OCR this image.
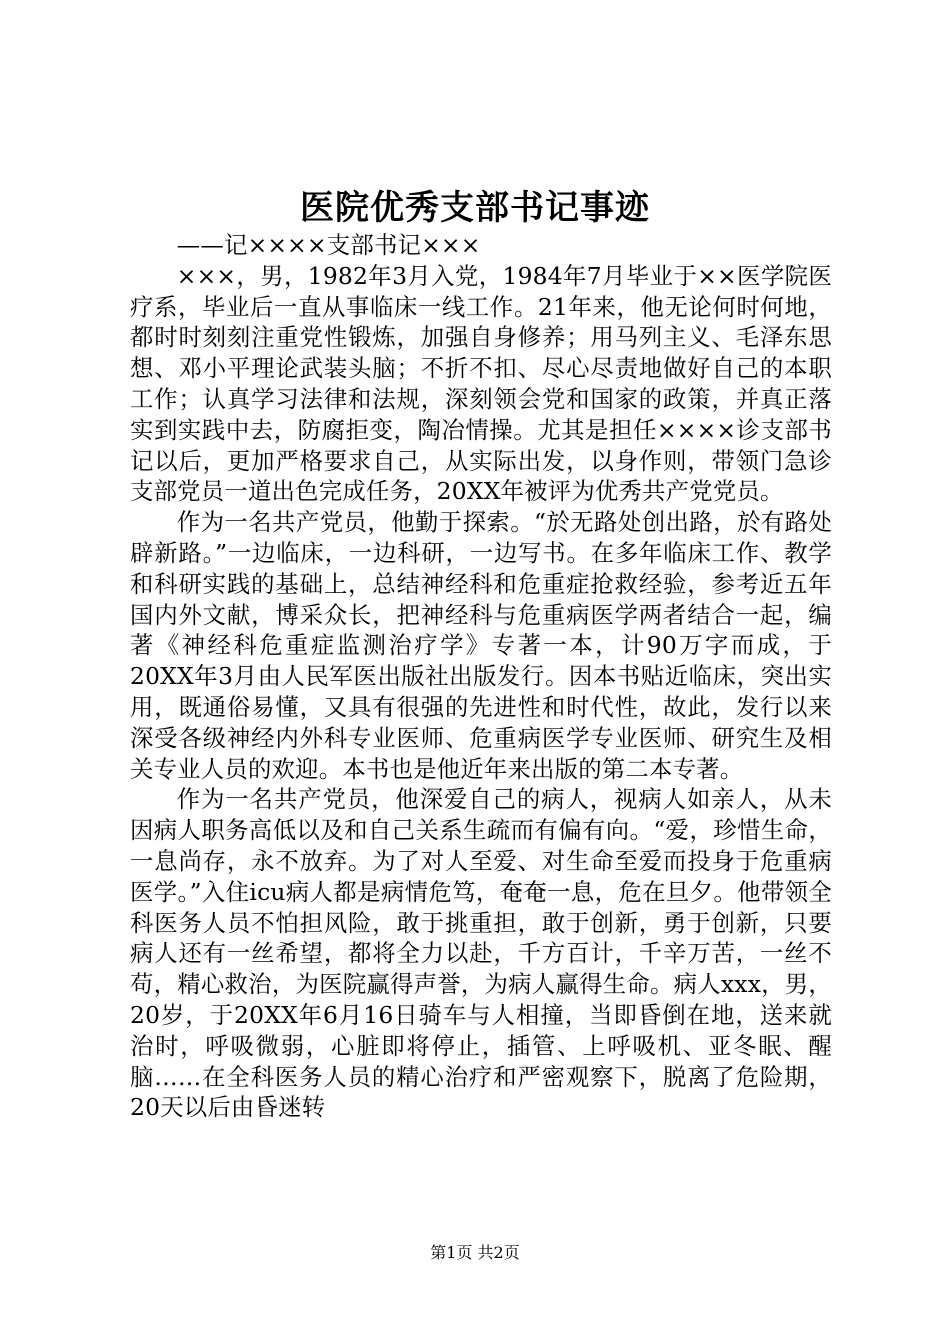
医院优秀支部书记事迹

——记××××支部书记×××

×××，男，1982年3月入党，1984年7月毕业于××医学院医疗系，毕业后一直从事临床一线工作。21年来，他无论何时何地，都时时刻刻注重党性锻炼，加强自身修养；用马列主义、毛泽东思想、邓小平理论武装头脑；不折不扣、尽心尽责地做好自己的本职工作；认真学习法律和法规，深刻领会党和国家的政策，并真正落实到实践中去，防腐拒变，陶冶情操。尤其是担任××××诊支部书记以后，更加严格要求自己，从实际出发，以身作则，带领门急诊支部党员一道出色完成任务，20XX年被评为优秀共产党党员。

作为一名共产党员，他勤于探索。“於无路处创出路，於有路处辟新路。”一边临床，一边科研，一边写书。在多年临床工作、教学和科研实践的基础上，总结神经科和危重症抢救经验，参考近五年国内外文献，博采众长，把神经科与危重病医学两者结合一起，编著《神经科危重症监测治疗学》专著一本，计90万字而成，于20XX年3月由人民军医出版社出版发行。因本书贴近临床，突出实用，既通俗易懂，又具有很强的先进性和时代性，故此，发行以来深受各级神经内外科专业医师、危重病医学专业医师、研究生及相关专业人员的欢迎。本书也是他近年来出版的第二本专著。

作为一名共产党员，他深爱自己的病人，视病人如亲人，从未因病人职务高低以及和自己关系生疏而有偏有向。“爱，珍惜生命，一息尚存，永不放弃。为了对人至爱、对生命至爱而投身于危重病医学。”入住icu病人都是病情危笃，奄奄一息，危在旦夕。他带领全科医务人员不怕担风险，敢于挑重担，敢于创新，勇于创新，只要病人还有一丝希望，都将全力以赴，千方百计，千辛万苦，一丝不苟，精心救治，为医院赢得声誉，为病人赢得生命。病人xxx，男，20岁，于20XX年6月16日骑车与人相撞，当即昏倒在地，送来就治时，呼吸微弱，心脏即将停止，插管、上呼吸机、亚冬眠、醒脑……在全科医务人员的精心治疗和严密观察下，脱离了危险期，20天以后由昏迷转

第1页 共2页
